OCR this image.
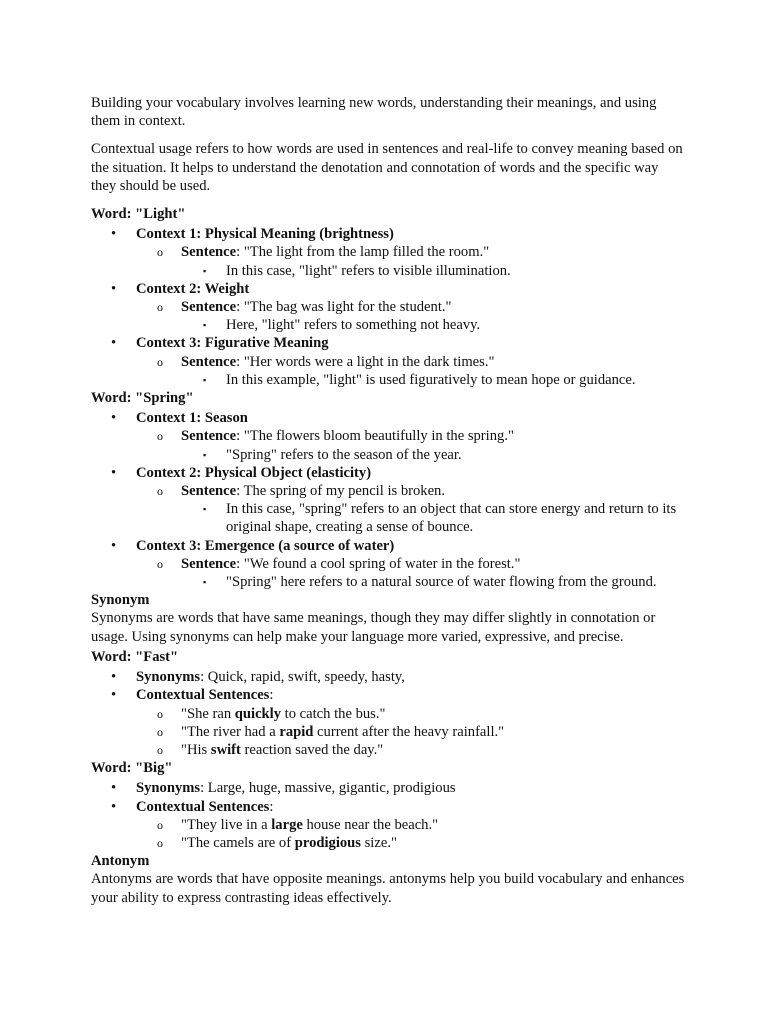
Building your vocabulary involves learning new words, understanding their meanings, and using them in context.

Contextual usage refers to how words are used in sentences and real-life to convey meaning based on the situation. It helps to understand the denotation and connotation of words and the specific way they should be used.

Word: "Light"

• Context 1: Physical Meaning (brightness)
o Sentence: "The light from the lamp filled the room."
▪ In this case, "light" refers to visible illumination.
• Context 2: Weight
o Sentence: "The bag was light for the student."
▪ Here, "light" refers to something not heavy.
• Context 3: Figurative Meaning
o Sentence: "Her words were a light in the dark times."
▪ In this example, "light" is used figuratively to mean hope or guidance.

Word: "Spring"

• Context 1: Season
o Sentence: "The flowers bloom beautifully in the spring."
▪ "Spring" refers to the season of the year.
• Context 2: Physical Object (elasticity)
o Sentence: The spring of my pencil is broken.
▪ In this case, "spring" refers to an object that can store energy and return to its original shape, creating a sense of bounce.
• Context 3: Emergence (a source of water)
o Sentence: "We found a cool spring of water in the forest."
▪ "Spring" here refers to a natural source of water flowing from the ground.

Synonym

Synonyms are words that have same meanings, though they may differ slightly in connotation or usage. Using synonyms can help make your language more varied, expressive, and precise.

Word: "Fast"

• Synonyms: Quick, rapid, swift, speedy, hasty,
• Contextual Sentences:
o "She ran quickly to catch the bus."
o "The river had a rapid current after the heavy rainfall."
o "His swift reaction saved the day."

Word: "Big"

• Synonyms: Large, huge, massive, gigantic, prodigious
• Contextual Sentences:
o "They live in a large house near the beach."
o "The camels are of prodigious size."

Antonym

Antonyms are words that have opposite meanings. antonyms help you build vocabulary and enhances your ability to express contrasting ideas effectively.
